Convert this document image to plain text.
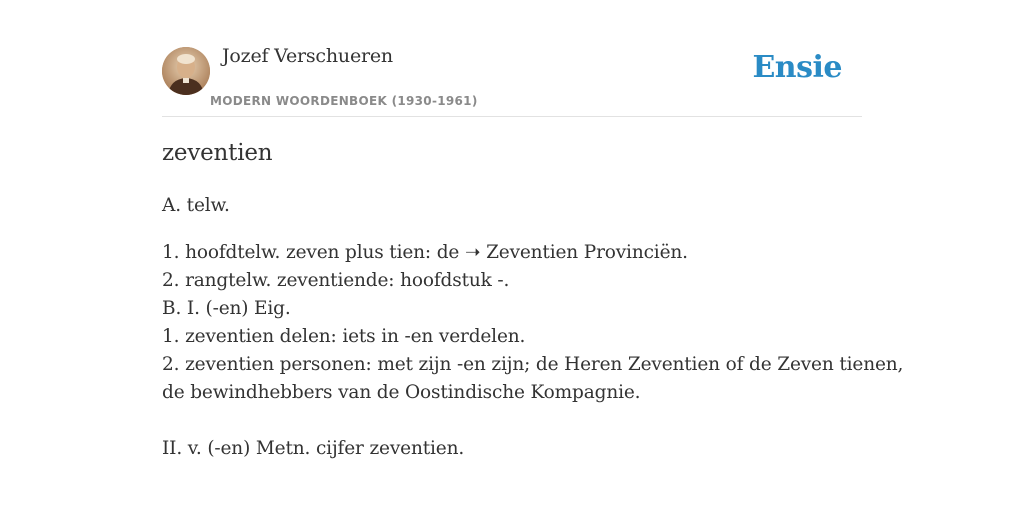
Jozef Verschueren
MODERN WOORDENBOEK (1930-1961)
Ensie
zeventien
A. telw.
1. hoofdtelw. zeven plus tien: de ➝ Zeventien Provinciën.
2. rangtelw. zeventiende: hoofdstuk -.
B. I. (-en) Eig.
1. zeventien delen: iets in -en verdelen.
2. zeventien personen: met zijn -en zijn; de Heren Zeventien of de Zeven tienen,
de bewindhebbers van de Oostindische Kompagnie.
II. v. (-en) Metn. cijfer zeventien.
